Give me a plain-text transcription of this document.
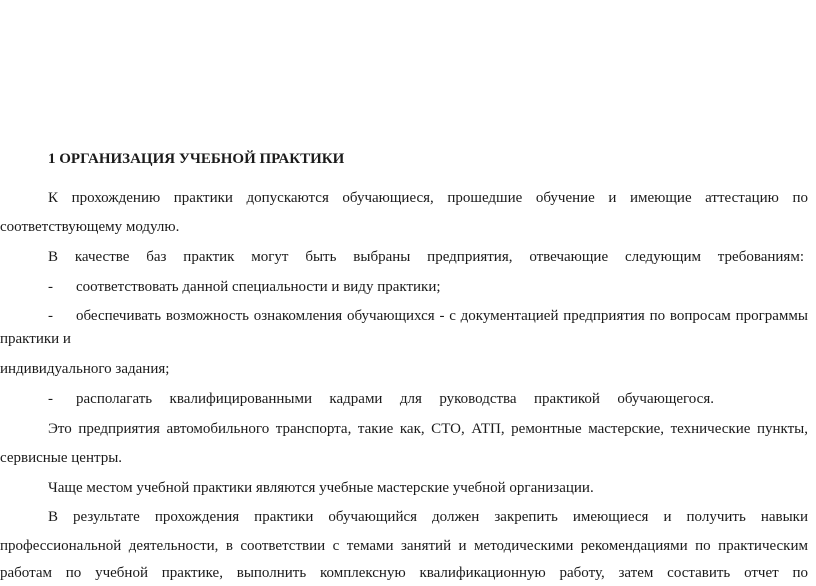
1 ОРГАНИЗАЦИЯ УЧЕБНОЙ ПРАКТИКИ
К прохождению практики допускаются обучающиеся, прошедшие обучение и имеющие аттестацию по
соответствующему модулю.
В качестве баз практик могут быть выбраны предприятия, отвечающие следующим требованиям:
- соответствовать данной специальности и виду практики;
- обеспечивать возможность ознакомления обучающихся - с документацией предприятия по вопросам программы
практики и
индивидуального задания;
- располагать квалифицированными кадрами для руководства практикой обучающегося.
Это предприятия автомобильного транспорта, такие как, СТО, АТП, ремонтные мастерские, технические пункты,
сервисные центры.
Чаще местом учебной практики являются учебные мастерские учебной организации.
В результате прохождения практики обучающийся должен закрепить имеющиеся и получить навыки
профессиональной деятельности, в соответствии с темами занятий и методическими рекомендациями по практическим
работам по учебной практике, выполнить комплексную квалификационную работу, затем составить отчет по
